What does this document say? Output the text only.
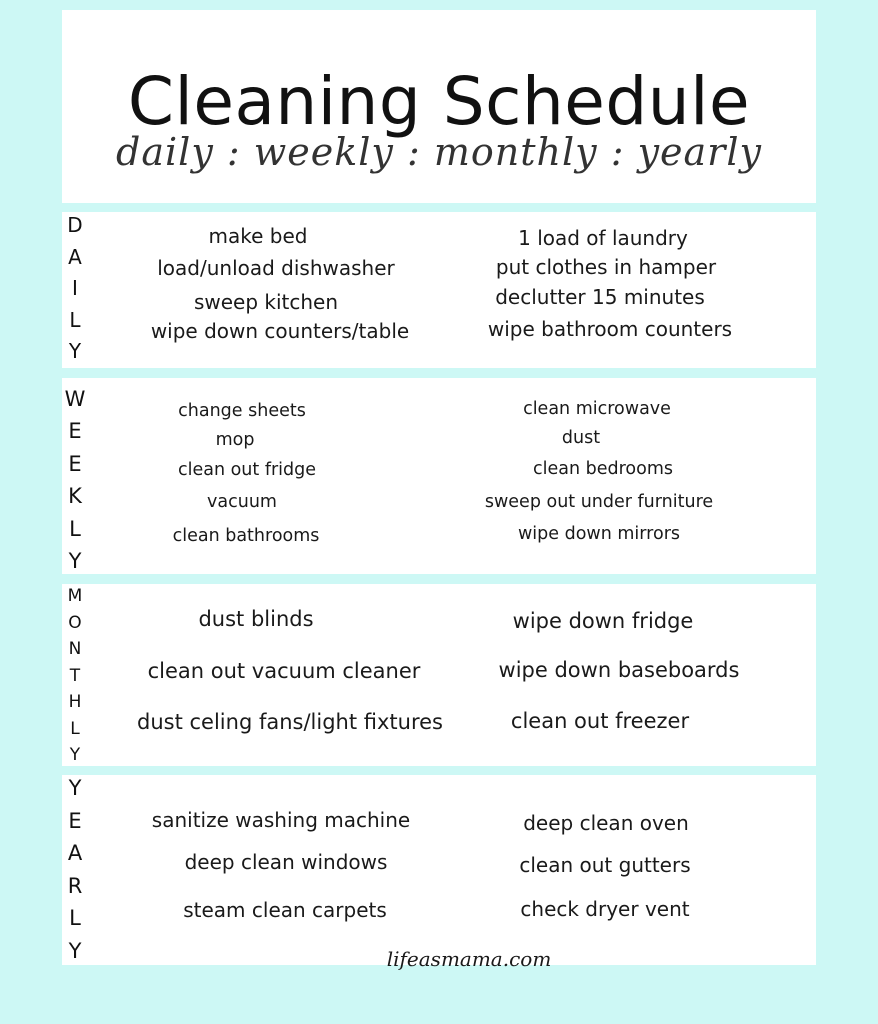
Cleaning Schedule
daily : weekly : monthly : yearly
D
A
I
L
Y
make bed
load/unload dishwasher
sweep kitchen
wipe down counters/table
1 load of laundry
put clothes in hamper
declutter 15 minutes
wipe bathroom counters
W
E
E
K
L
Y
change sheets
mop
clean out fridge
vacuum
clean bathrooms
clean microwave
dust
clean bedrooms
sweep out under furniture
wipe down mirrors
M
O
N
T
H
L
Y
dust blinds
clean out vacuum cleaner
dust celing fans/light fixtures
wipe down fridge
wipe down baseboards
clean out freezer
Y
E
A
R
L
Y
sanitize washing machine
deep clean windows
steam clean carpets
deep clean oven
clean out gutters
check dryer vent
lifeasmama.com
